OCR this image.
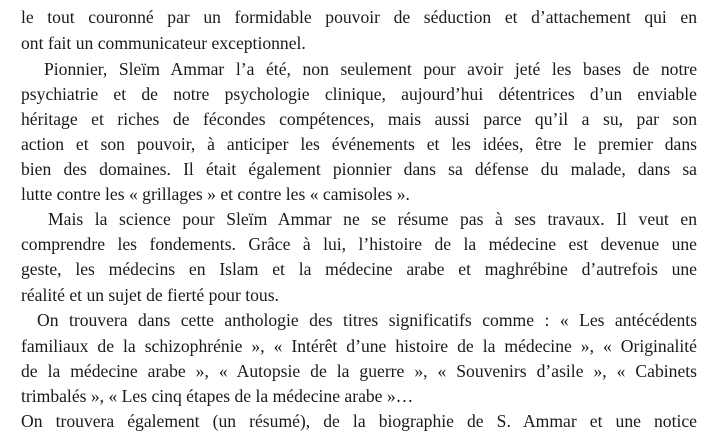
le tout couronné par un formidable pouvoir de séduction et d’attachement qui en
ont fait un communicateur exceptionnel.
Pionnier, Sleïm Ammar l’a été, non seulement pour avoir jeté les bases de notre
psychiatrie et de notre psychologie clinique, aujourd’hui détentrices d’un enviable
héritage et riches de fécondes compétences, mais aussi parce qu’il a su, par son
action et son pouvoir, à anticiper les événements et les idées, être le premier dans
bien des domaines. Il était également pionnier dans sa défense du malade, dans sa
lutte contre les « grillages » et contre les « camisoles ».
Mais la science pour Sleïm Ammar ne se résume pas à ses travaux. Il veut en
comprendre les fondements. Grâce à lui, l’histoire de la médecine est devenue une
geste, les médecins en Islam et la médecine arabe et maghrébine d’autrefois une
réalité et un sujet de fierté pour tous.
On trouvera dans cette anthologie des titres significatifs comme : « Les antécédents
familiaux de la schizophrénie », « Intérêt d’une histoire de la médecine », « Originalité
de la médecine arabe », « Autopsie de la guerre », « Souvenirs d’asile », « Cabinets
trimbalés », « Les cinq étapes de la médecine arabe »…
On trouvera également (un résumé), de la biographie de S. Ammar et une notice
